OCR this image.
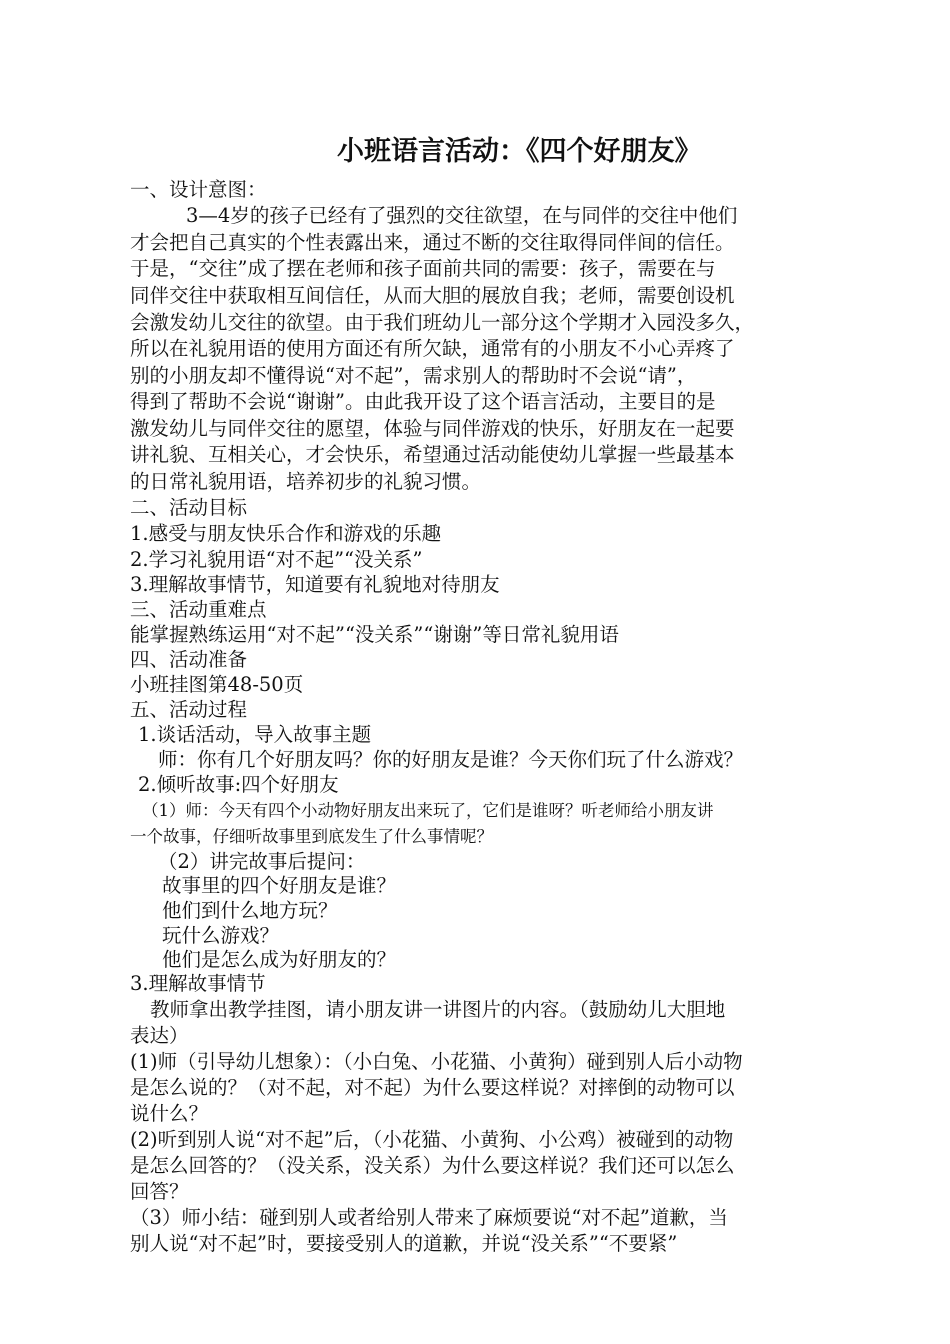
小班语言活动：《四个好朋友》
一、设计意图：
3—4岁的孩子已经有了强烈的交往欲望，在与同伴的交往中他们
才会把自己真实的个性表露出来，通过不断的交往取得同伴间的信任。
于是，“交往”成了摆在老师和孩子面前共同的需要：孩子，需要在与
同伴交往中获取相互间信任，从而大胆的展放自我；老师，需要创设机
会激发幼儿交往的欲望。由于我们班幼儿一部分这个学期才入园没多久，
所以在礼貌用语的使用方面还有所欠缺，通常有的小朋友不小心弄疼了
别的小朋友却不懂得说“对不起”，需求别人的帮助时不会说“请”，
得到了帮助不会说“谢谢”。由此我开设了这个语言活动，主要目的是
激发幼儿与同伴交往的愿望，体验与同伴游戏的快乐，好朋友在一起要
讲礼貌、互相关心，才会快乐，希望通过活动能使幼儿掌握一些最基本
的日常礼貌用语，培养初步的礼貌习惯。
二、活动目标
1.感受与朋友快乐合作和游戏的乐趣
2.学习礼貌用语“对不起”“没关系”
3.理解故事情节，知道要有礼貌地对待朋友
三、活动重难点
能掌握熟练运用“对不起”“没关系”“谢谢”等日常礼貌用语
四、活动准备
小班挂图第48-50页
五、活动过程
1.谈话活动，导入故事主题
师：你有几个好朋友吗？你的好朋友是谁？今天你们玩了什么游戏？
2.倾听故事:四个好朋友
（1）师：今天有四个小动物好朋友出来玩了，它们是谁呀？听老师给小朋友讲
一个故事，仔细听故事里到底发生了什么事情呢？
（2）讲完故事后提问：
故事里的四个好朋友是谁？
他们到什么地方玩？
玩什么游戏？
他们是怎么成为好朋友的？
3.理解故事情节
教师拿出教学挂图，请小朋友讲一讲图片的内容。（鼓励幼儿大胆地
表达）
(1)师（引导幼儿想象）：（小白兔、小花猫、小黄狗）碰到别人后小动物
是怎么说的？（对不起，对不起）为什么要这样说？对摔倒的动物可以
说什么？
(2)听到别人说“对不起”后，（小花猫、小黄狗、小公鸡）被碰到的动物
是怎么回答的？（没关系，没关系）为什么要这样说？我们还可以怎么
回答？
（3）师小结：碰到别人或者给别人带来了麻烦要说“对不起”道歉，当
别人说“对不起”时，要接受别人的道歉，并说“没关系”“不要紧”
